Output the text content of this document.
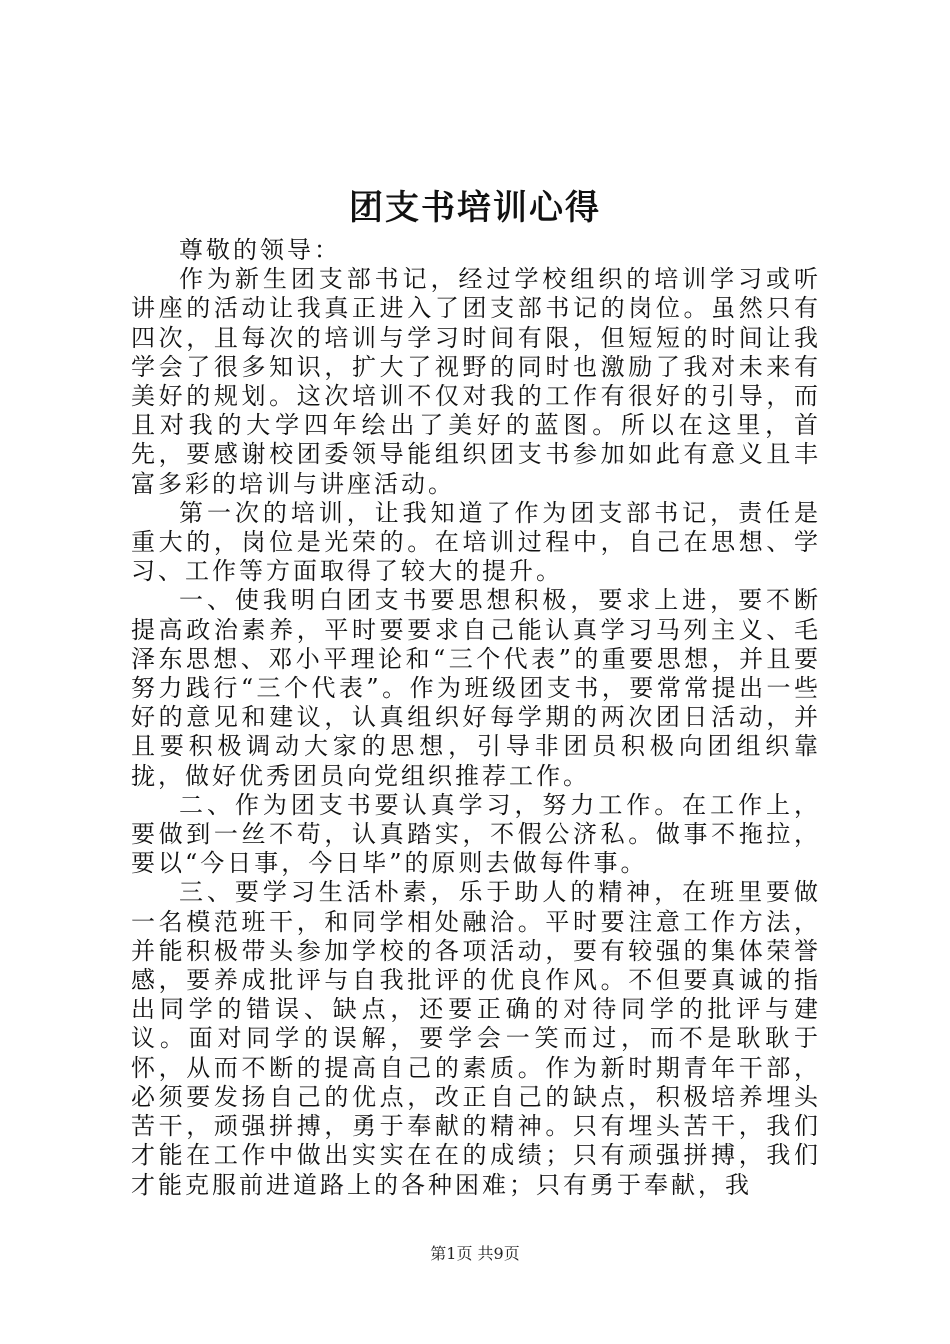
团支书培训心得

尊敬的领导：

作为新生团支部书记，经过学校组织的培训学习或听讲座的活动让我真正进入了团支部书记的岗位。虽然只有四次，且每次的培训与学习时间有限，但短短的时间让我学会了很多知识，扩大了视野的同时也激励了我对未来有美好的规划。这次培训不仅对我的工作有很好的引导，而且对我的大学四年绘出了美好的蓝图。所以在这里，首先，要感谢校团委领导能组织团支书参加如此有意义且丰富多彩的培训与讲座活动。

第一次的培训，让我知道了作为团支部书记，责任是重大的，岗位是光荣的。在培训过程中，自己在思想、学习、工作等方面取得了较大的提升。

一、使我明白团支书要思想积极，要求上进，要不断提高政治素养，平时要要求自己能认真学习马列主义、毛泽东思想、邓小平理论和“三个代表”的重要思想，并且要努力践行“三个代表”。作为班级团支书，要常常提出一些好的意见和建议，认真组织好每学期的两次团日活动，并且要积极调动大家的思想，引导非团员积极向团组织靠拢，做好优秀团员向党组织推荐工作。

二、作为团支书要认真学习，努力工作。在工作上，要做到一丝不苟，认真踏实，不假公济私。做事不拖拉，要以“今日事，今日毕”的原则去做每件事。

三、要学习生活朴素，乐于助人的精神，在班里要做一名模范班干，和同学相处融洽。平时要注意工作方法，并能积极带头参加学校的各项活动，要有较强的集体荣誉感，要养成批评与自我批评的优良作风。不但要真诚的指出同学的错误、缺点，还要正确的对待同学的批评与建议。面对同学的误解，要学会一笑而过，而不是耿耿于怀，从而不断的提高自己的素质。作为新时期青年干部，必须要发扬自己的优点，改正自己的缺点，积极培养埋头苦干，顽强拼搏，勇于奉献的精神。只有埋头苦干，我们才能在工作中做出实实在在的成绩；只有顽强拼搏，我们才能克服前进道路上的各种困难；只有勇于奉献，我

第1页 共9页
